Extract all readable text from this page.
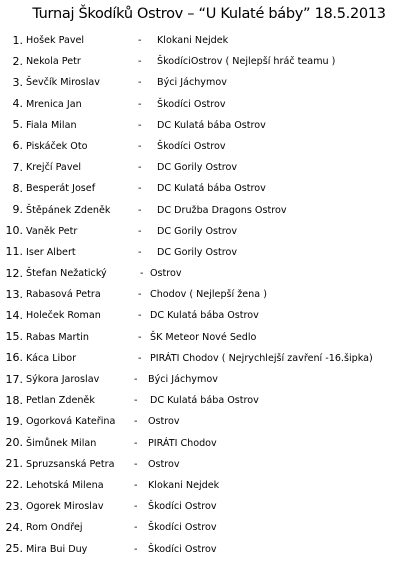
Turnaj Škodíků Ostrov – “U Kulaté báby” 18.5.2013
1. Hošek Pavel	- Klokani Nejdek
2. Nekola Petr	- ŠkodíciOstrov ( Nejlepší hráč teamu )
3. Ševčík Miroslav	- Býci Jáchymov
4. Mrenica Jan	- Škodíci Ostrov
5. Fiala Milan	- DC Kulatá bába Ostrov
6. Piskáček Oto	- Škodíci Ostrov
7. Krejčí Pavel	- DC Gorily Ostrov
8. Besperát Josef	- DC Kulatá bába Ostrov
9. Štěpánek Zdeněk	- DC Družba Dragons Ostrov
10. Vaněk Petr	- DC Gorily Ostrov
11. Iser Albert	- DC Gorily Ostrov
12. Štefan Nežatický	- Ostrov
13. Rabasová Petra	- Chodov ( Nejlepší žena )
14. Holeček Roman	- DC Kulatá bába Ostrov
15. Rabas Martin	- ŠK Meteor Nové Sedlo
16. Káca Libor	- PIRÁTI Chodov ( Nejrychlejší zavření -16.šipka)
17. Sýkora Jaroslav	- Býci Jáchymov
18. Petlan Zdeněk	- DC Kulatá bába Ostrov
19. Ogorková Kateřina - Ostrov
20. Šimůnek Milan	- PIRÁTI Chodov
21. Spruzsanská Petra - Ostrov
22. Lehotská Milena	- Klokani Nejdek
23. Ogorek Miroslav	- Škodíci Ostrov
24. Rom Ondřej	- Škodíci Ostrov
25. Mira Bui Duy	- Škodíci Ostrov
